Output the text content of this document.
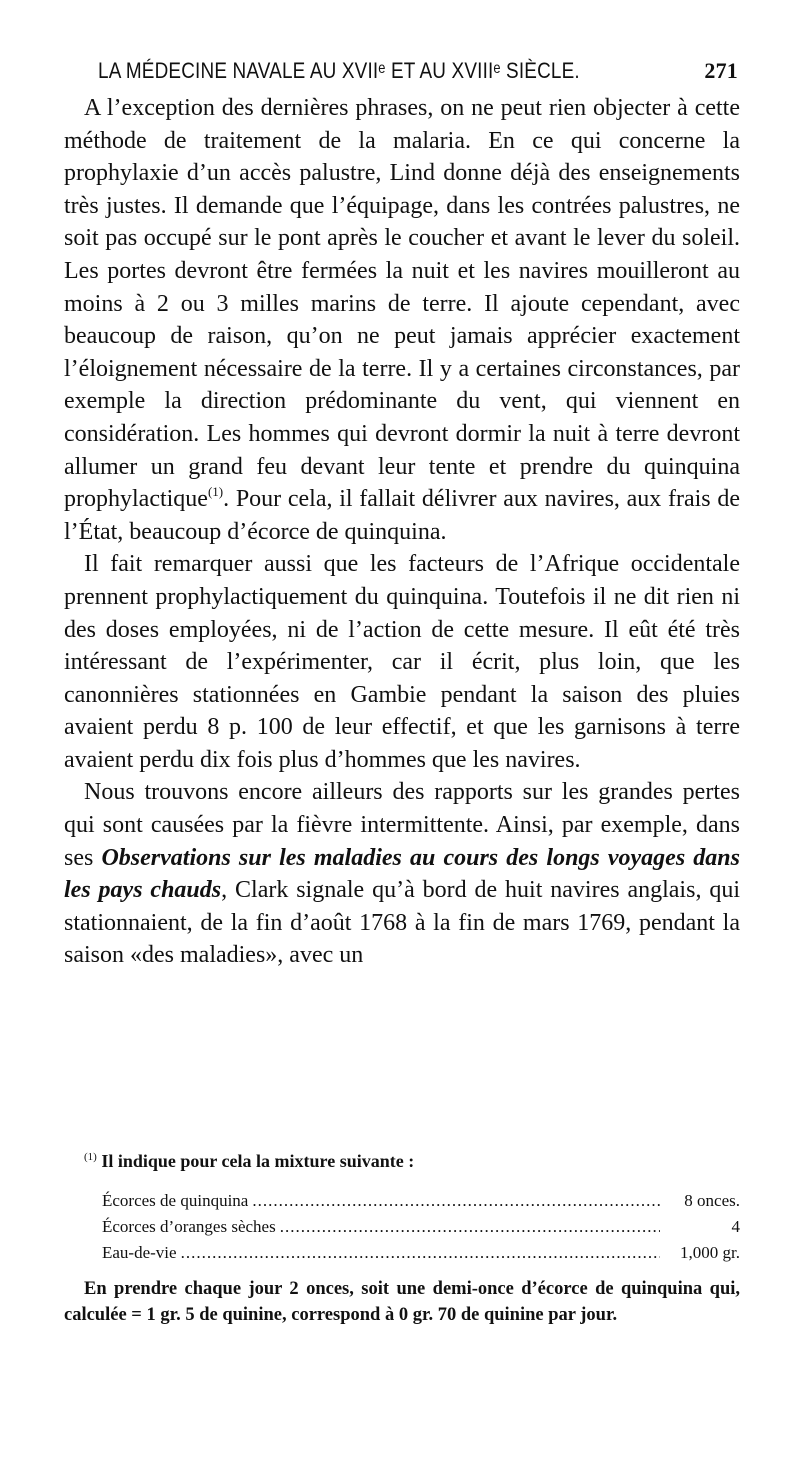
LA MÉDECINE NAVALE AU XVIIᵉ ET AU XVIIIᵉ SIÈCLE.	271

A l’exception des dernières phrases, on ne peut rien objecter à cette méthode de traitement de la malaria. En ce qui concerne la prophylaxie d’un accès palustre, Lind donne déjà des enseignements très justes. Il demande que l’équipage, dans les contrées palustres, ne soit pas occupé sur le pont après le coucher et avant le lever du soleil. Les portes devront être fermées la nuit et les navires mouilleront au moins à 2 ou 3 milles marins de terre. Il ajoute cependant, avec beaucoup de raison, qu’on ne peut jamais apprécier exactement l’éloignement nécessaire de la terre. Il y a certaines circonstances, par exemple la direction prédominante du vent, qui viennent en considération. Les hommes qui devront dormir la nuit à terre devront allumer un grand feu devant leur tente et prendre du quinquina prophylactique$^{(1)}$. Pour cela, il fallait délivrer aux navires, aux frais de l’État, beaucoup d’écorce de quinquina.

Il fait remarquer aussi que les facteurs de l’Afrique occidentale prennent prophylactiquement du quinquina. Toutefois il ne dit rien ni des doses employées, ni de l’action de cette mesure. Il eût été très intéressant de l’expérimenter, car il écrit, plus loin, que les canonnières stationnées en Gambie pendant la saison des pluies avaient perdu 8 p. 100 de leur effectif, et que les garnisons à terre avaient perdu dix fois plus d’hommes que les navires.

Nous trouvons encore ailleurs des rapports sur les grandes pertes qui sont causées par la fièvre intermittente. Ainsi, par exemple, dans ses Observations sur les maladies au cours des longs voyages dans les pays chauds, Clark signale qu’à bord de huit navires anglais, qui stationnaient, de la fin d’août 1768 à la fin de mars 1769, pendant la saison «des maladies», avec un

$^{(1)}$ Il indique pour cela la mixture suivante :

Écorces de quinquina .....	8 onces.
Écorces d’oranges sèches .....	4
Eau-de-vie .....	1,000 gr.

En prendre chaque jour 2 onces, soit une demi-once d’écorce de quinquina qui, calculée = 1 gr. 5 de quinine, correspond à 0 gr. 70 de quinine par jour.
